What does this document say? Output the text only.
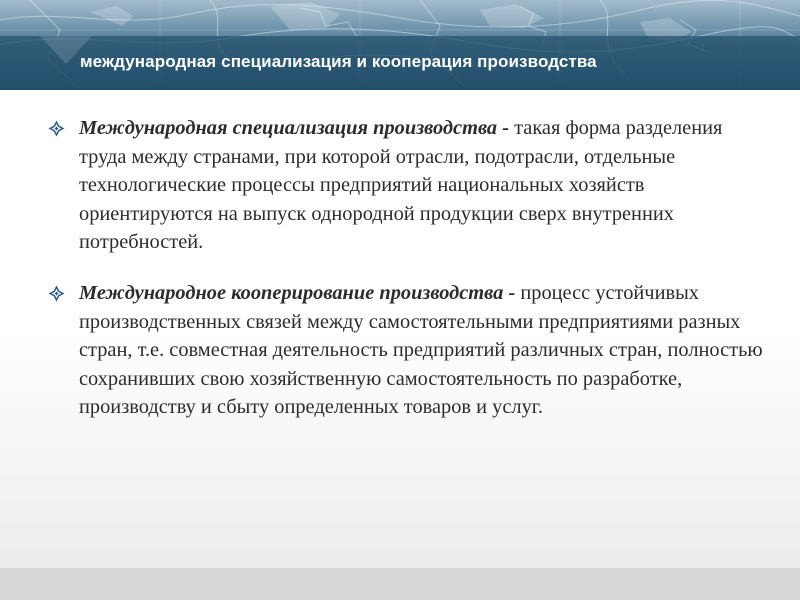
международная специализация и кооперация производства
Международная специализация производства - такая форма разделения труда между странами, при которой отрасли, подотрасли, отдельные технологические процессы предприятий национальных хозяйств ориентируются на выпуск однородной продукции сверх внутренних потребностей.
Международное кооперирование производства - процесс устойчивых производственных связей между самостоятельными предприятиями разных стран, т.е. совместная деятельность предприятий различных стран, полностью сохранивших свою хозяйственную самостоятельность по разработке, производству и сбыту определенных товаров и услуг.
